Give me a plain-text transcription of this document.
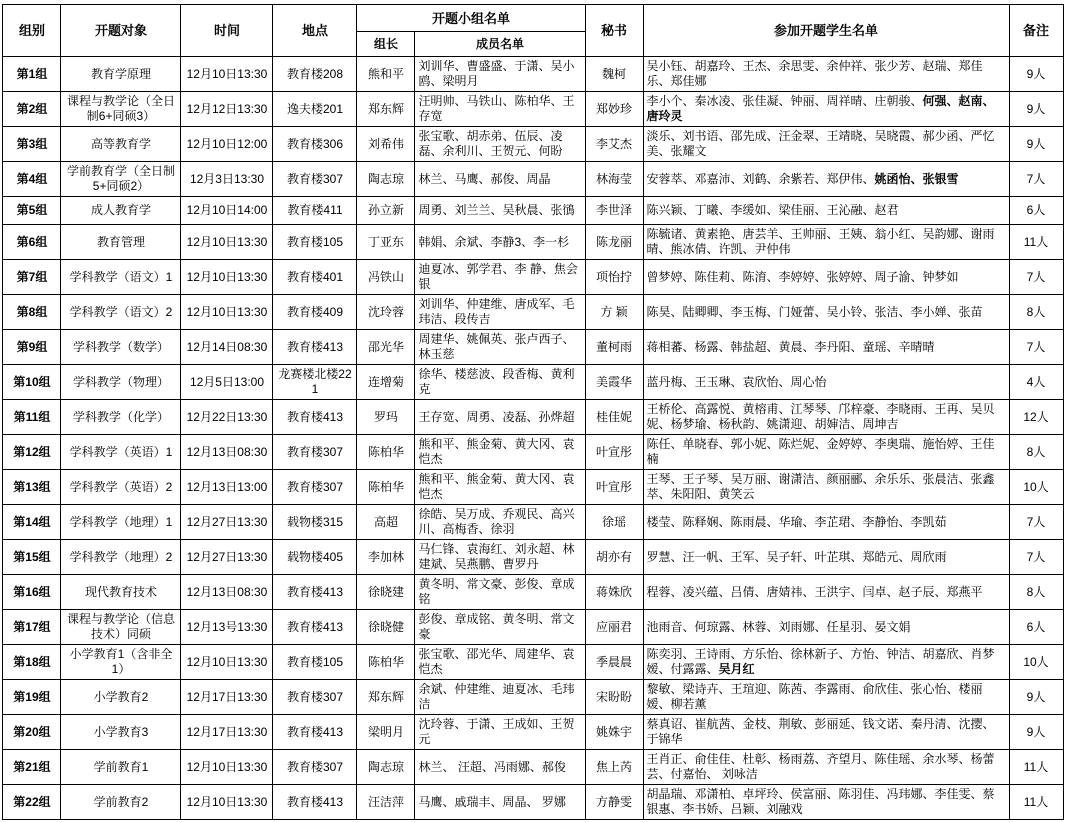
组别	开题对象	时间	地点	开题小组名单		秘书	参加开题学生名单	备注
				组长	成员名单			
第1组	教育学原理	12月10日13:30	教育楼208	熊和平	刘训华、曹盛盛、于潇、吴小鸥、梁明月	魏柯	吴小钰、胡嘉玲、王杰、余思雯、余仲祥、张少芳、赵瑞、郑佳乐、郑佳娜	9人
第2组	课程与教学论（全日制6+同硕3）	12月12日13:30	逸夫楼201	郑东辉	汪明帅、马铁山、陈柏华、王存宽	郑妙珍	李小个、秦冰凌、张佳凝、钟丽、周祥晴、庄朝骏、何强、赵南、唐玲灵	9人
第3组	高等教育学	12月10日12:00	教育楼306	刘希伟	张宝歌、胡赤弟、伍辰、凌磊、余利川、王贺元、何盼	李艾杰	淡乐、刘书语、邵先成、汪金翠、王靖晓、吴晓霞、郝少函、严忆美、张耀文	9人
第4组	学前教育学（全日制5+同硕2）	12月3日13:30	教育楼307	陶志琼	林兰、马鹰、郝俊、周晶	林海莹	安蓉萃、邓嘉沛、刘鹤、余紫若、郑伊伟、姚函怡、张银雪	7人
第5组	成人教育学	12月10日14:00	教育楼411	孙立新	周勇、刘兰兰、吴秋晨、张鴴	李世泽	陈兴颖、丁曦、李缓如、梁佳丽、王沁融、赵君	6人
第6组	教育管理	12月10日13:30	教育楼105	丁亚东	韩娟、余斌、李静3、李一杉	陈龙丽	陈毓诸、黄素艳、唐芸羊、王帅丽、王姨、翁小红、吴韵娜、谢雨晴、熊冰倩、许凯、尹仲伟	11人
第7组	学科教学（语文）1	12月10日13:30	教育楼401	冯铁山	迪夏冰、郭学君、李 静、焦会银	项怡拧	曾梦婷、陈佳莉、陈淯、李婷婷、张婷婷、周子渝、钟梦如	7人
第8组	学科教学（语文）2	12月10日13:30	教育楼409	沈玲蓉	刘训华、仲建维、唐成军、毛玮洁、段传吉	方 颖	陈昊、陆卿卿、李玉梅、门娅蕾、吴小铃、张洁、李小婵、张苗	8人
第9组	学科教学（数学）	12月14日08:30	教育楼413	邵光华	周建华、姚佩英、张卢西子、林玉慈	董柯雨	蒋相蕃、杨露、韩盐超、黄晨、李丹阳、童瑶、辛晴晴	7人
第10组	学科教学（物理）	12月5日13:00	龙赛楼北楼221	连增菊	徐华、楼慈波、段香梅、黄利克	美霞华	蓝丹梅、王玉琳、袁欣怡、周心怡	4人
第11组	学科教学（化学）	12月22日13:30	教育楼413	罗玛	王存宽、周勇、凌磊、孙烨超	桂佳妮	王桥伦、高露悦、黄榕甫、江琴琴、邝梓豪、李晓雨、王再、吴贝妮、杨梦瑜、杨秋韵、姚潇迎、胡婶洁、周坤吉	12人
第12组	学科教学（英语）1	12月13日08:30	教育楼307	陈柏华	熊和平、熊金菊、黄大冈、袁恺杰	叶宣彤	陈任、单晓春、郭小妮、陈烂妮、金婷婷、李奥瑞、施怡婷、王佳楠	8人
第13组	学科教学（英语）2	12月13日13:00	教育楼307	陈柏华	熊和平、熊金菊、黄大冈、袁恺杰	叶宣彤	王琴、王子琴、吴万丽、谢潇洁、颜丽郦、余乐乐、张晨洁、张鑫萃、朱阳阳、黄笑云	10人
第14组	学科教学（地理）1	12月27日13:30	载物楼315	高超	徐皓、吴万成、乔观民、高兴川、高梅香、徐羽	徐瑶	楼莹、陈释娴、陈雨晨、华瑜、李芷珺、李静怡、李凯茹	7人
第15组	学科教学（地理）2	12月27日13:30	载物楼405	李加林	马仁锋、袁海红、刘永超、林建斌、吴燕鹏、曹罗丹	胡亦有	罗慧、汪一帆、王军、吴子轩、叶芷琪、郑皓元、周欣雨	7人
第16组	现代教育技术	12月13日08:30	教育楼413	徐晓建	黄冬明、常文豪、彭俊、章成铭	蒋姝欣	程蓉、凌兴蕴、吕倩、唐婧祎、王洪宇、闫卓、赵子辰、郑燕平	8人
第17组	课程与教学论（信息技术）同硕	12月13号13:30	教育楼413	徐晓健	彭俊、章成铭、黄冬明、常文豪	应丽君	池雨音、何琼露、林蓉、刘雨娜、任星羽、晏文娟	6人
第18组	小学教育1（含非全1）	12月10日13:30	教育楼105	陈柏华	张宝歌、邵光华、周建华、袁恺杰	季晨晨	陈奕羽、王诗雨、方乐怡、徐林新子、方怡、钟洁、胡嘉欣、肖梦嫒、付露露、吴月红	10人
第19组	小学教育2	12月17日13:30	教育楼307	郑东辉	余斌、仲建维、迪夏冰、毛玮洁	宋盼盼	黎敏、梁诗卉、王瑄迎、陈茜、李露雨、俞欣佳、张心怡、楼丽嫒、柳若薰	9人
第20组	小学教育3	12月17日13:30	教育楼413	梁明月	沈玲蓉、于潇、王成如、王贺元	姚姝宇	蔡真诏、崔航茜、金枝、荆敏、彭丽延、钱文诺、秦丹清、沈撄、于锦华	9人
第21组	学前教育1	12月10日13:30	教育楼307	陶志琼	林兰、 汪超、冯雨娜、郝俊	焦上芮	王肖正、俞佳佳、杜彰、杨雨荔、齐望月、陈佳瑶、余水琴、杨蕾芸、付嘉怡、 刘咏洁	11人
第22组	学前教育2	12月10日13:30	教育楼413	汪洁萍	马鹰、戚瑞丰、周晶、 罗娜	方静雯	胡晶瑞、邓潇柏、卓坪玲、侯富丽、陈羽佳、冯玮娜、李佳雯、蔡银惠、李书娇、吕颖、刘融戏	11人
